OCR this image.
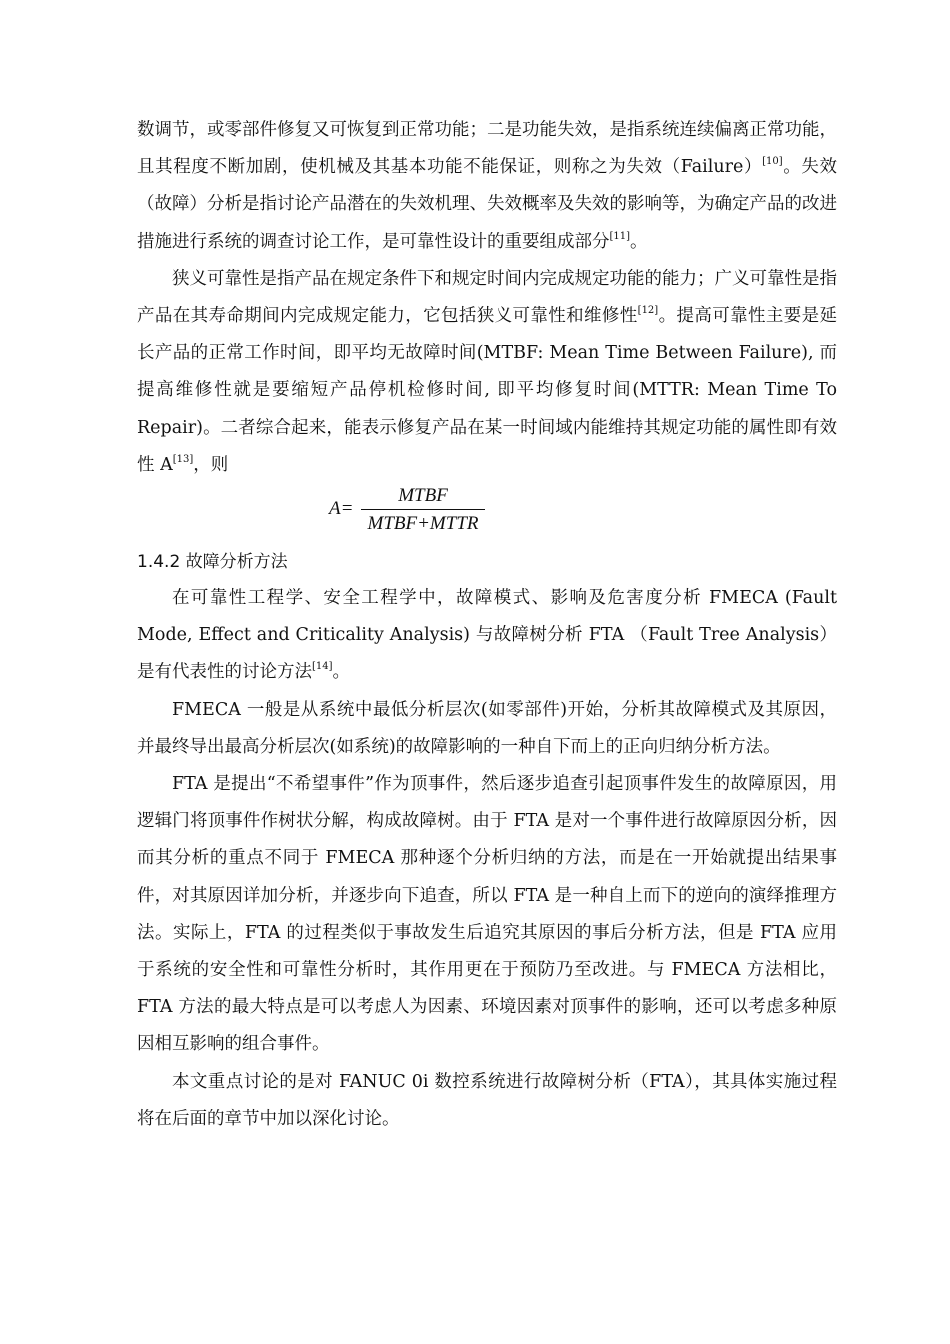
数调节，或零部件修复又可恢复到正常功能；二是功能失效，是指系统连续偏离正常功能，且其程度不断加剧，使机械及其基本功能不能保证，则称之为失效（Failure）[10]。失效（故障）分析是指讨论产品潜在的失效机理、失效概率及失效的影响等，为确定产品的改进措施进行系统的调查讨论工作，是可靠性设计的重要组成部分[11]。

狭义可靠性是指产品在规定条件下和规定时间内完成规定功能的能力；广义可靠性是指产品在其寿命期间内完成规定能力，它包括狭义可靠性和维修性[12]。提高可靠性主要是延长产品的正常工作时间，即平均无故障时间(MTBF: Mean Time Between Failure), 而提高维修性就是要缩短产品停机检修时间, 即平均修复时间(MTTR: Mean Time To Repair)。二者综合起来，能表示修复产品在某一时间域内能维持其规定功能的属性即有效性 A[13]，则

A=
MTBF
MTBF+MTTR

1.4.2 故障分析方法

在可靠性工程学、安全工程学中，故障模式、影响及危害度分析 FMECA (Fault Mode, Effect and Criticality Analysis) 与故障树分析 FTA （Fault Tree Analysis）是有代表性的讨论方法[14]。

FMECA 一般是从系统中最低分析层次(如零部件)开始，分析其故障模式及其原因，并最终导出最高分析层次(如系统)的故障影响的一种自下而上的正向归纳分析方法。

FTA 是提出“不希望事件”作为顶事件，然后逐步追查引起顶事件发生的故障原因，用逻辑门将顶事件作树状分解，构成故障树。由于 FTA 是对一个事件进行故障原因分析，因而其分析的重点不同于 FMECA 那种逐个分析归纳的方法，而是在一开始就提出结果事件，对其原因详加分析，并逐步向下追查，所以 FTA 是一种自上而下的逆向的演绎推理方法。实际上，FTA 的过程类似于事故发生后追究其原因的事后分析方法，但是 FTA 应用于系统的安全性和可靠性分析时，其作用更在于预防乃至改进。与 FMECA 方法相比，FTA 方法的最大特点是可以考虑人为因素、环境因素对顶事件的影响，还可以考虑多种原因相互影响的组合事件。

本文重点讨论的是对 FANUC 0i 数控系统进行故障树分析（FTA），其具体实施过程将在后面的章节中加以深化讨论。
